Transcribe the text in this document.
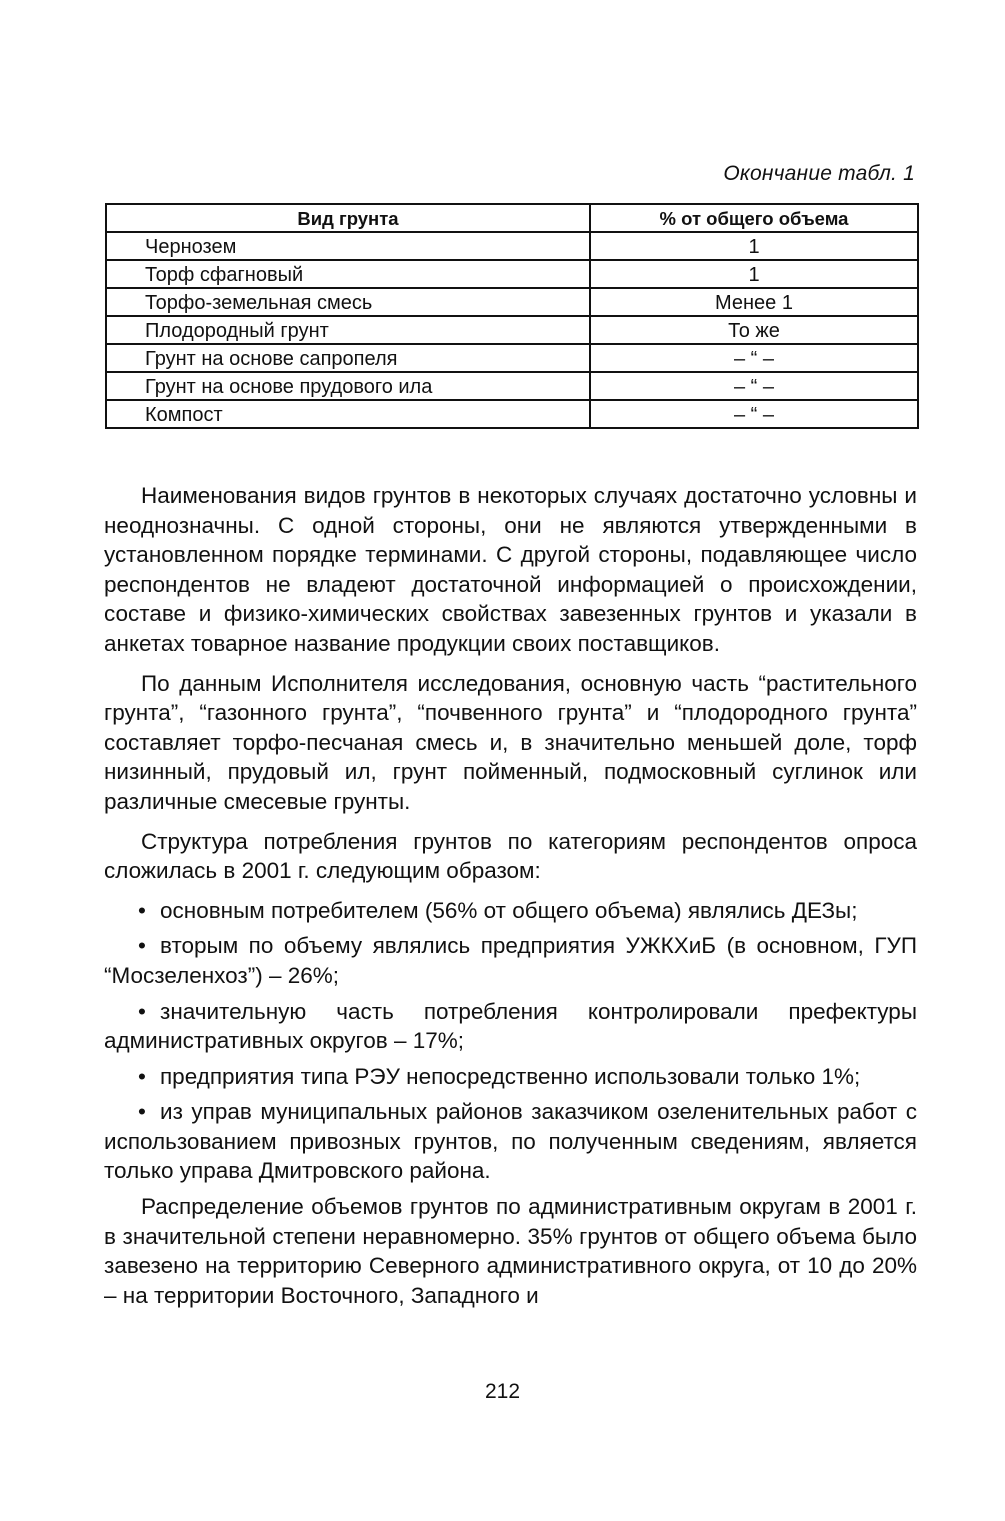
Окончание табл. 1
Вид грунта	% от общего объема
Чернозем	1
Торф сфагновый	1
Торфо-земельная смесь	Менее 1
Плодородный грунт	То же
Грунт на основе сапропеля	– “ –
Грунт на основе прудового ила	– “ –
Компост	– “ –

Наименования видов грунтов в некоторых случаях достаточно условны и неоднозначны. С одной стороны, они не являются утвержденными в установленном порядке терминами. С другой стороны, подавляющее число респондентов не владеют достаточной информацией о происхождении, составе и физико-химических свойствах завезенных грунтов и указали в анкетах товарное название продукции своих поставщиков.

По данным Исполнителя исследования, основную часть “растительного грунта”, “газонного грунта”, “почвенного грунта” и “плодородного грунта” составляет торфо-песчаная смесь и, в значительно меньшей доле, торф низинный, прудовый ил, грунт пойменный, подмосковный суглинок или различные смесевые грунты.

Структура потребления грунтов по категориям респондентов опроса сложилась в 2001 г. следующим образом:

• основным потребителем (56% от общего объема) являлись ДЕЗы;

• вторым по объему являлись предприятия УЖКХиБ (в основном, ГУП “Мосзеленхоз”) – 26%;

• значительную часть потребления контролировали префектуры административных округов – 17%;

• предприятия типа РЭУ непосредственно использовали только 1%;

• из управ муниципальных районов заказчиком озеленительных работ с использованием привозных грунтов, по полученным сведениям, является только управа Дмитровского района.

Распределение объемов грунтов по административным округам в 2001 г. в значительной степени неравномерно. 35% грунтов от общего объема было завезено на территорию Северного административного округа, от 10 до 20% – на территории Восточного, Западного и

212
